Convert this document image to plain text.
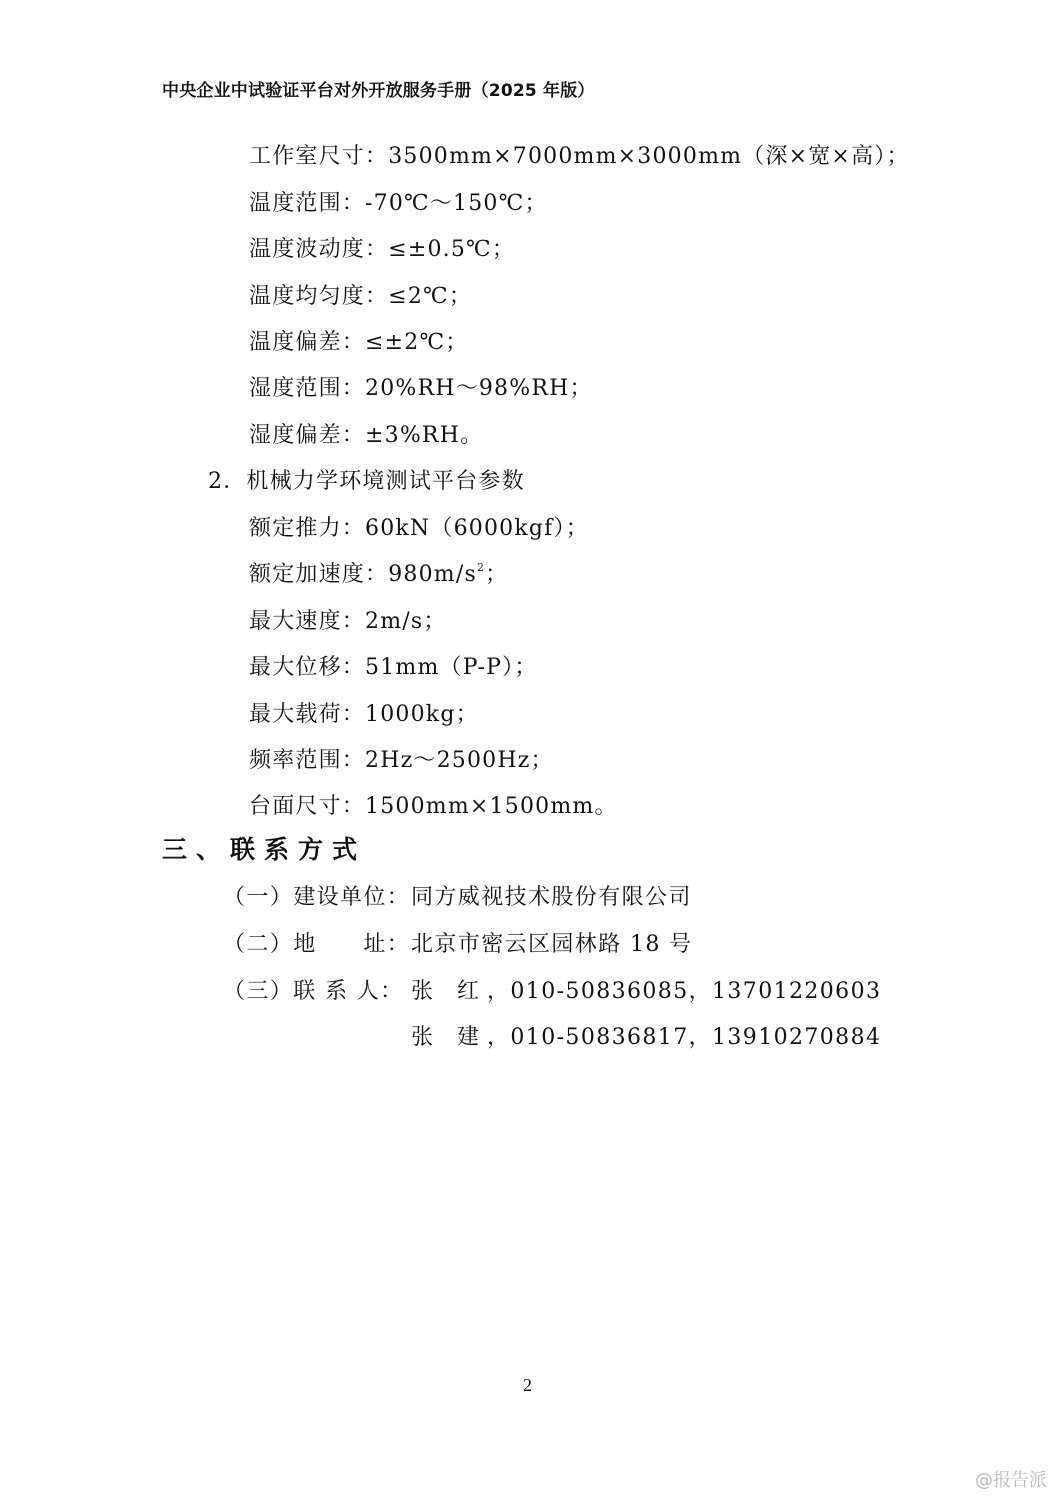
中央企业中试验证平台对外开放服务手册（2025 年版）
工作室尺寸：3500mm×7000mm×3000mm（深×宽×高）；
温度范围：-70℃～150℃；
温度波动度：≤±0.5℃；
温度均匀度：≤2℃；
温度偏差：≤±2℃；
湿度范围：20%RH～98%RH；
湿度偏差：±3%RH。
2．机械力学环境测试平台参数
额定推力：60kN（6000kgf）；
额定加速度：$980m/s^2$；
最大速度：2m/s；
最大位移：51mm（P-P）；
最大载荷：1000kg；
频率范围：2Hz～2500Hz；
台面尺寸：1500mm×1500mm。
三、联系方式
（一）建设单位：同方威视技术股份有限公司
（二）地　　址：北京市密云区园林路 18 号
（三）联 系 人： 张红，010-50836085，13701220603
张建，010-50836817，13910270884
2
@报告派
